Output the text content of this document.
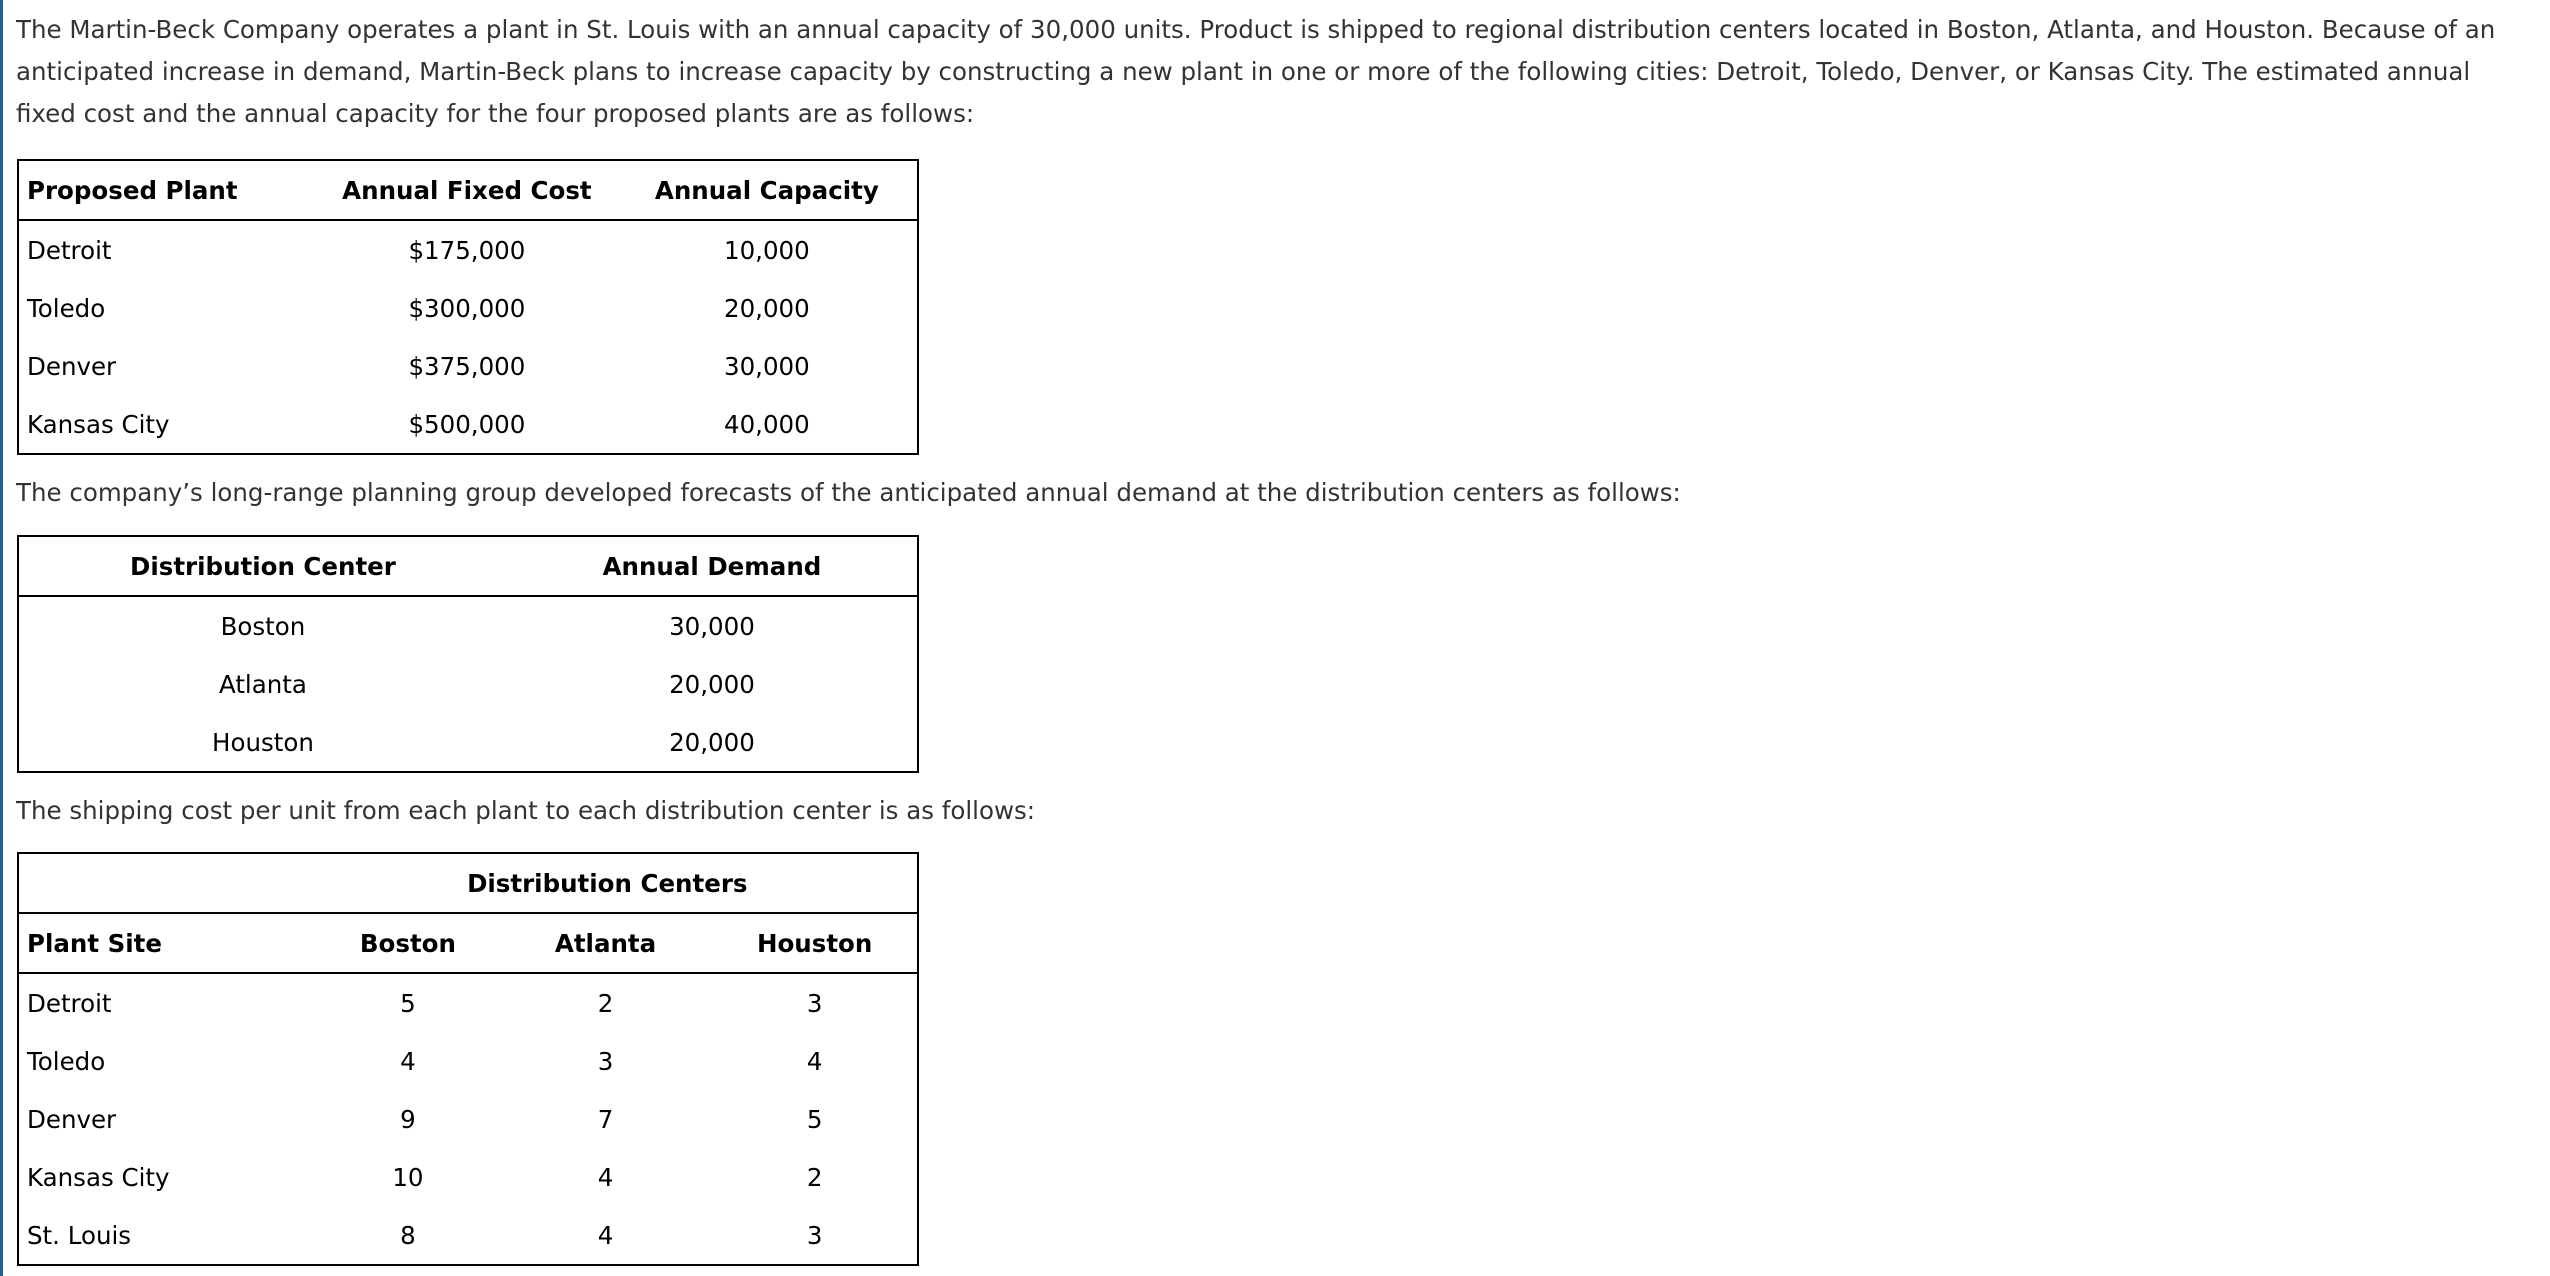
The Martin-Beck Company operates a plant in St. Louis with an annual capacity of 30,000 units. Product is shipped to regional distribution centers located in Boston, Atlanta, and Houston. Because of an anticipated increase in demand, Martin-Beck plans to increase capacity by constructing a new plant in one or more of the following cities: Detroit, Toledo, Denver, or Kansas City. The estimated annual fixed cost and the annual capacity for the four proposed plants are as follows:

Proposed Plant	Annual Fixed Cost	Annual Capacity
Detroit	$175,000	10,000
Toledo	$300,000	20,000
Denver	$375,000	30,000
Kansas City	$500,000	40,000

The company’s long-range planning group developed forecasts of the anticipated annual demand at the distribution centers as follows:

Distribution Center	Annual Demand
Boston	30,000
Atlanta	20,000
Houston	20,000

The shipping cost per unit from each plant to each distribution center is as follows:

	Distribution Centers		
Plant Site	Boston	Atlanta	Houston
Detroit	5	2	3
Toledo	4	3	4
Denver	9	7	5
Kansas City	10	4	2
St. Louis	8	4	3
